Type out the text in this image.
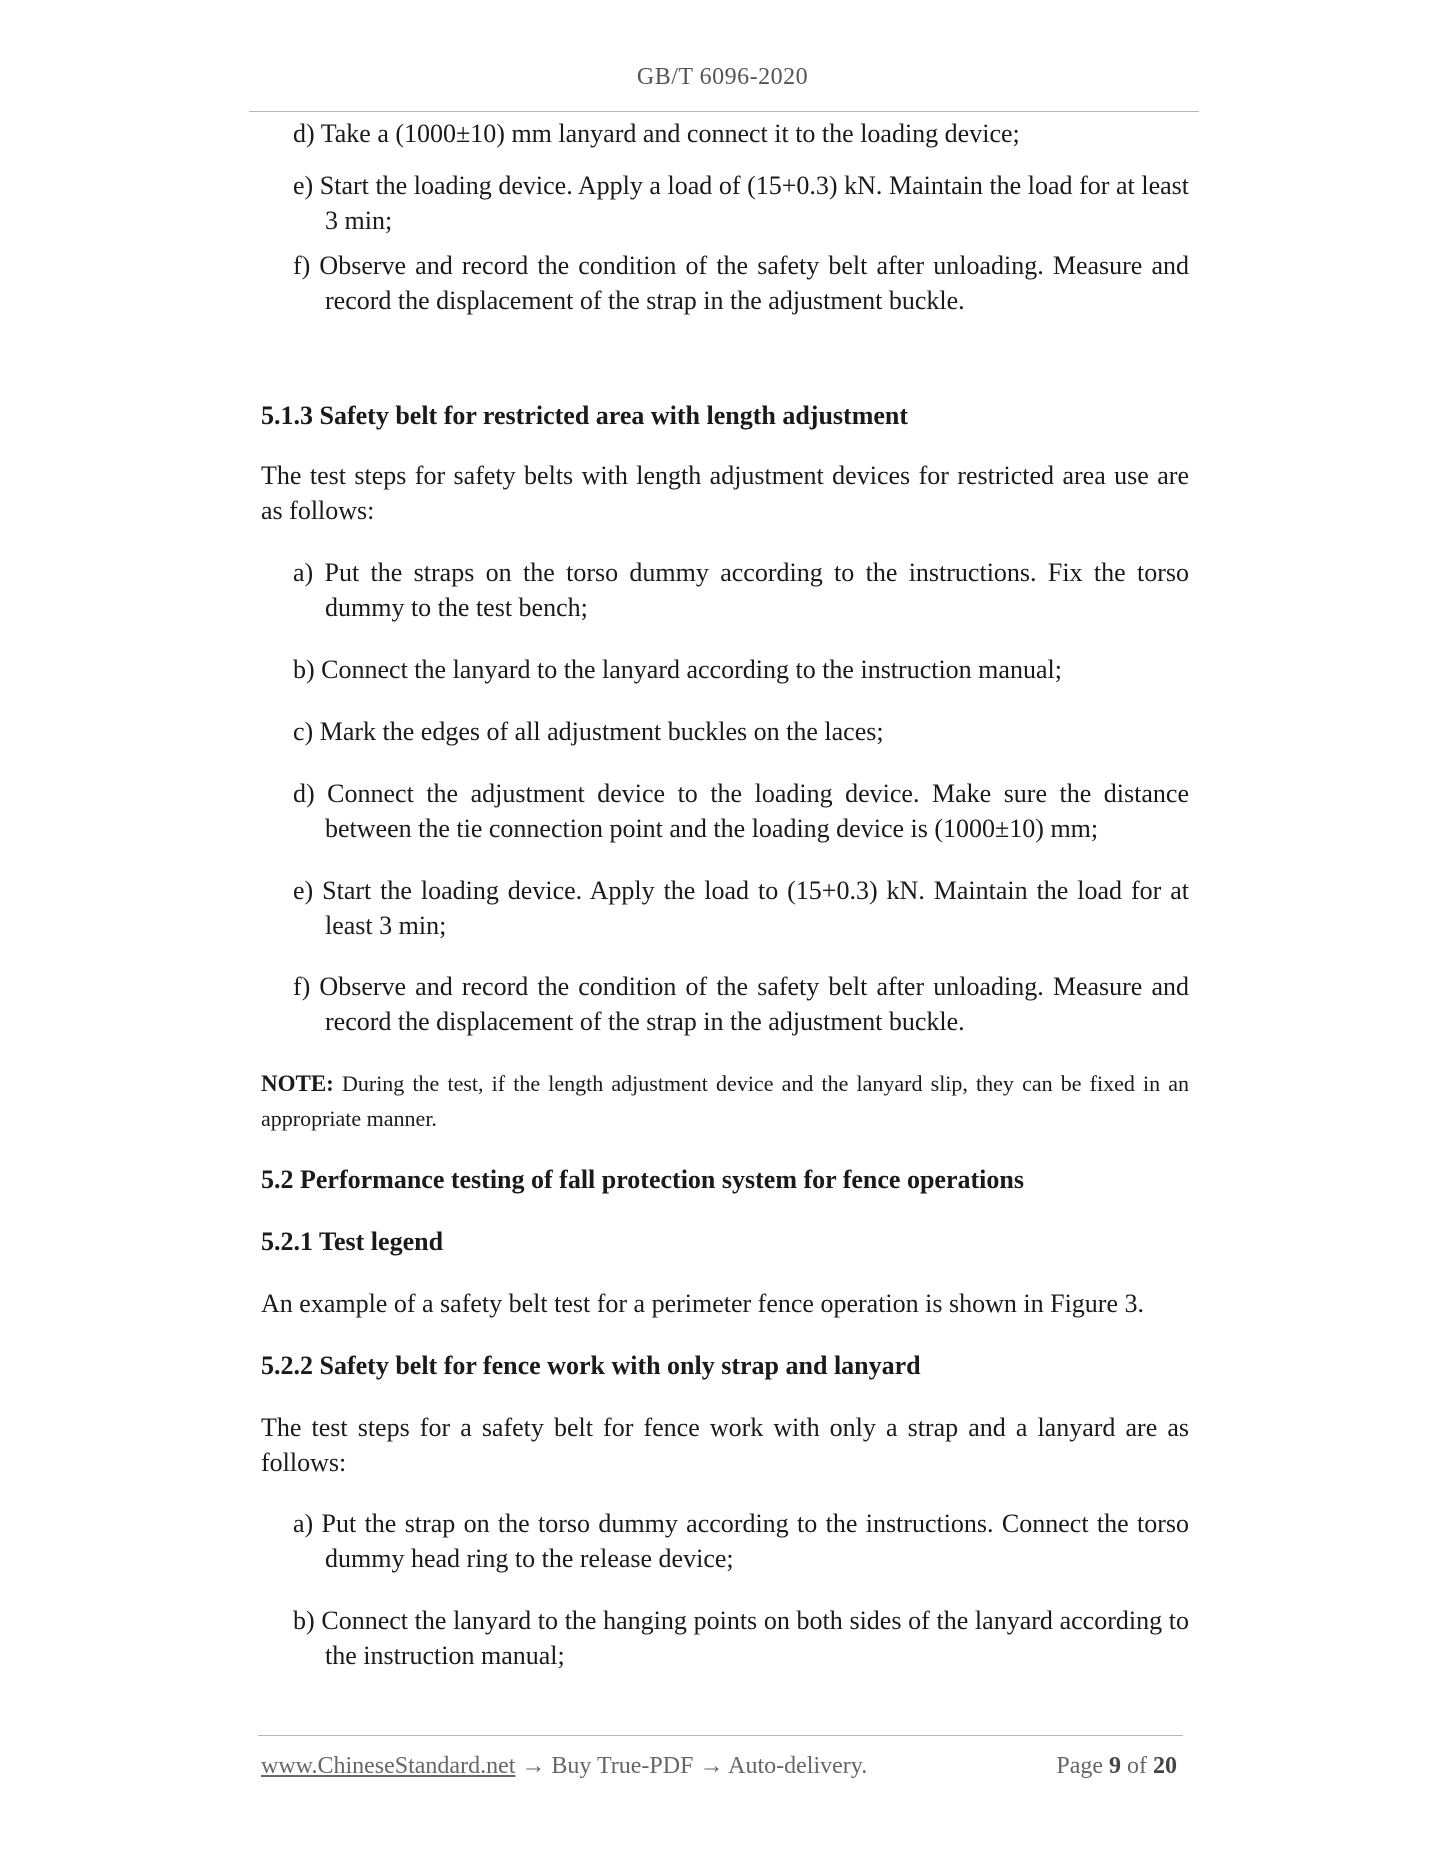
GB/T 6096-2020
d) Take a (1000±10) mm lanyard and connect it to the loading device;
e) Start the loading device. Apply a load of (15+0.3) kN. Maintain the load for at least 3 min;
f) Observe and record the condition of the safety belt after unloading. Measure and record the displacement of the strap in the adjustment buckle.
5.1.3 Safety belt for restricted area with length adjustment

The test steps for safety belts with length adjustment devices for restricted area use are as follows:

a) Put the straps on the torso dummy according to the instructions. Fix the torso dummy to the test bench;
b) Connect the lanyard to the lanyard according to the instruction manual;
c) Mark the edges of all adjustment buckles on the laces;
d) Connect the adjustment device to the loading device. Make sure the distance between the tie connection point and the loading device is (1000±10) mm;
e) Start the loading device. Apply the load to (15+0.3) kN. Maintain the load for at least 3 min;
f) Observe and record the condition of the safety belt after unloading. Measure and record the displacement of the strap in the adjustment buckle.
NOTE: During the test, if the length adjustment device and the lanyard slip, they can be fixed in an appropriate manner.
5.2 Performance testing of fall protection system for fence operations
5.2.1 Test legend

An example of a safety belt test for a perimeter fence operation is shown in Figure 3.

5.2.2 Safety belt for fence work with only strap and lanyard

The test steps for a safety belt for fence work with only a strap and a lanyard are as follows:

a) Put the strap on the torso dummy according to the instructions. Connect the torso dummy head ring to the release device;
b) Connect the lanyard to the hanging points on both sides of the lanyard according to the instruction manual;
www.ChineseStandard.net → Buy True-PDF → Auto-delivery.	Page 9 of 20
